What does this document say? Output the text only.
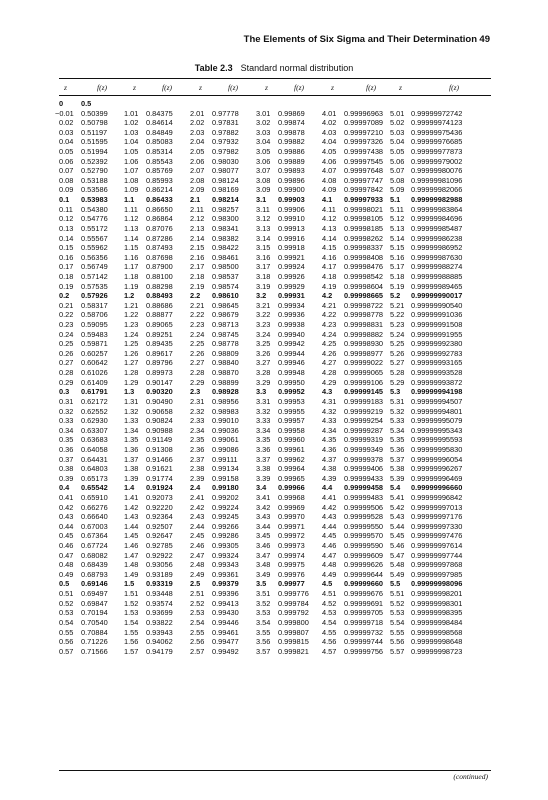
The Elements of Six Sigma and Their Determination 49
Table 2.3 Standard normal distribution
z	f(z)	z	f(z)	z	f(z)	z	f(z)	z	f(z)	z	f(z)
0 0.5
−0.01 0.50399 1.01 0.84375 2.01 0.97778 3.01 0.99869 4.01 0.99996963 5.01 0.99999972742
0.02 0.50798 1.02 0.84614 2.02 0.97831 3.02 0.99874 4.02 0.99997089 5.02 0.99999974123
0.03 0.51197 1.03 0.84849 2.03 0.97882 3.03 0.99878 4.03 0.99997210 5.03 0.99999975436
0.04 0.51595 1.04 0.85083 2.04 0.97932 3.04 0.99882 4.04 0.99997326 5.04 0.99999976685
0.05 0.51994 1.05 0.85314 2.05 0.97982 3.05 0.99886 4.05 0.99997438 5.05 0.99999977873
0.06 0.52392 1.06 0.85543 2.06 0.98030 3.06 0.99889 4.06 0.99997545 5.06 0.99999979002
0.07 0.52790 1.07 0.85769 2.07 0.98077 3.07 0.99893 4.07 0.99997648 5.07 0.99999980076
0.08 0.53188 1.08 0.85993 2.08 0.98124 3.08 0.99896 4.08 0.99997747 5.08 0.99999981096
0.09 0.53586 1.09 0.86214 2.09 0.98169 3.09 0.99900 4.09 0.99997842 5.09 0.99999982066
0.1 0.53983 1.1 0.86433 2.1 0.98214 3.1 0.99903 4.1 0.99997933 5.1 0.99999982988
0.11 0.54380 1.11 0.86650 2.11 0.98257 3.11 0.99906 4.11 0.99998021 5.11 0.99999983864
0.12 0.54776 1.12 0.86864 2.12 0.98300 3.12 0.99910 4.12 0.99998105 5.12 0.99999984696
0.13 0.55172 1.13 0.87076 2.13 0.98341 3.13 0.99913 4.13 0.99998185 5.13 0.99999985487
0.14 0.55567 1.14 0.87286 2.14 0.98382 3.14 0.99916 4.14 0.99998262 5.14 0.99999986238
0.15 0.55962 1.15 0.87493 2.15 0.98422 3.15 0.99918 4.15 0.99998337 5.15 0.99999986952
0.16 0.56356 1.16 0.87698 2.16 0.98461 3.16 0.99921 4.16 0.99998408 5.16 0.99999987630
0.17 0.56749 1.17 0.87900 2.17 0.98500 3.17 0.99924 4.17 0.99998476 5.17 0.99999988274
0.18 0.57142 1.18 0.88100 2.18 0.98537 3.18 0.99926 4.18 0.99998542 5.18 0.99999988885
0.19 0.57535 1.19 0.88298 2.19 0.98574 3.19 0.99929 4.19 0.99998604 5.19 0.99999989465
0.2 0.57926 1.2 0.88493 2.2 0.98610 3.2 0.99931 4.2 0.99998665 5.2 0.99999990017
0.21 0.58317 1.21 0.88686 2.21 0.98645 3.21 0.99934 4.21 0.99998722 5.21 0.99999990540
0.22 0.58706 1.22 0.88877 2.22 0.98679 3.22 0.99936 4.22 0.99998778 5.22 0.99999991036
0.23 0.59095 1.23 0.89065 2.23 0.98713 3.23 0.99938 4.23 0.99998831 5.23 0.99999991508
0.24 0.59483 1.24 0.89251 2.24 0.98745 3.24 0.99940 4.24 0.99998882 5.24 0.99999991955
0.25 0.59871 1.25 0.89435 2.25 0.98778 3.25 0.99942 4.25 0.99998930 5.25 0.99999992380
0.26 0.60257 1.26 0.89617 2.26 0.98809 3.26 0.99944 4.26 0.99998977 5.26 0.99999992783
0.27 0.60642 1.27 0.89796 2.27 0.98840 3.27 0.99946 4.27 0.99999022 5.27 0.99999993165
0.28 0.61026 1.28 0.89973 2.28 0.98870 3.28 0.99948 4.28 0.99999065 5.28 0.99999993528
0.29 0.61409 1.29 0.90147 2.29 0.98899 3.29 0.99950 4.29 0.99999106 5.29 0.99999993872
0.3 0.61791 1.3 0.90320 2.3 0.98928 3.3 0.99952 4.3 0.99999145 5.3 0.99999994198
0.31 0.62172 1.31 0.90490 2.31 0.98956 3.31 0.99953 4.31 0.99999183 5.31 0.99999994507
0.32 0.62552 1.32 0.90658 2.32 0.98983 3.32 0.99955 4.32 0.99999219 5.32 0.99999994801
0.33 0.62930 1.33 0.90824 2.33 0.99010 3.33 0.99957 4.33 0.99999254 5.33 0.99999995079
0.34 0.63307 1.34 0.90988 2.34 0.99036 3.34 0.99958 4.34 0.99999287 5.34 0.99999995343
0.35 0.63683 1.35 0.91149 2.35 0.99061 3.35 0.99960 4.35 0.99999319 5.35 0.99999995593
0.36 0.64058 1.36 0.91308 2.36 0.99086 3.36 0.99961 4.36 0.99999349 5.36 0.99999995830
0.37 0.64431 1.37 0.91466 2.37 0.99111 3.37 0.99962 4.37 0.99999378 5.37 0.99999996054
0.38 0.64803 1.38 0.91621 2.38 0.99134 3.38 0.99964 4.38 0.99999406 5.38 0.99999996267
0.39 0.65173 1.39 0.91774 2.39 0.99158 3.39 0.99965 4.39 0.99999433 5.39 0.99999996469
0.4 0.65542 1.4 0.91924 2.4 0.99180 3.4 0.99966 4.4 0.99999458 5.4 0.99999996660
0.41 0.65910 1.41 0.92073 2.41 0.99202 3.41 0.99968 4.41 0.99999483 5.41 0.99999996842
0.42 0.66276 1.42 0.92220 2.42 0.99224 3.42 0.99969 4.42 0.99999506 5.42 0.99999997013
0.43 0.66640 1.43 0.92364 2.43 0.99245 3.43 0.99970 4.43 0.99999528 5.43 0.99999997176
0.44 0.67003 1.44 0.92507 2.44 0.99266 3.44 0.99971 4.44 0.99999550 5.44 0.99999997330
0.45 0.67364 1.45 0.92647 2.45 0.99286 3.45 0.99972 4.45 0.99999570 5.45 0.99999997476
0.46 0.67724 1.46 0.92785 2.46 0.99305 3.46 0.99973 4.46 0.99999590 5.46 0.99999997614
0.47 0.68082 1.47 0.92922 2.47 0.99324 3.47 0.99974 4.47 0.99999609 5.47 0.99999997744
0.48 0.68439 1.48 0.93056 2.48 0.99343 3.48 0.99975 4.48 0.99999626 5.48 0.99999997868
0.49 0.68793 1.49 0.93189 2.49 0.99361 3.49 0.99976 4.49 0.99999644 5.49 0.99999997985
0.5 0.69146 1.5 0.93319 2.5 0.99379 3.5 0.99977 4.5 0.99999660 5.5 0.99999998096
0.51 0.69497 1.51 0.93448 2.51 0.99396 3.51 0.999776 4.51 0.99999676 5.51 0.99999998201
0.52 0.69847 1.52 0.93574 2.52 0.99413 3.52 0.999784 4.52 0.99999691 5.52 0.99999998301
0.53 0.70194 1.53 0.93699 2.53 0.99430 3.53 0.999792 4.53 0.99999705 5.53 0.99999998395
0.54 0.70540 1.54 0.93822 2.54 0.99446 3.54 0.999800 4.54 0.99999718 5.54 0.99999998484
0.55 0.70884 1.55 0.93943 2.55 0.99461 3.55 0.999807 4.55 0.99999732 5.55 0.99999998568
0.56 0.71226 1.56 0.94062 2.56 0.99477 3.56 0.999815 4.56 0.99999744 5.56 0.99999998648
0.57 0.71566 1.57 0.94179 2.57 0.99492 3.57 0.999821 4.57 0.99999756 5.57 0.99999998723
(continued)
